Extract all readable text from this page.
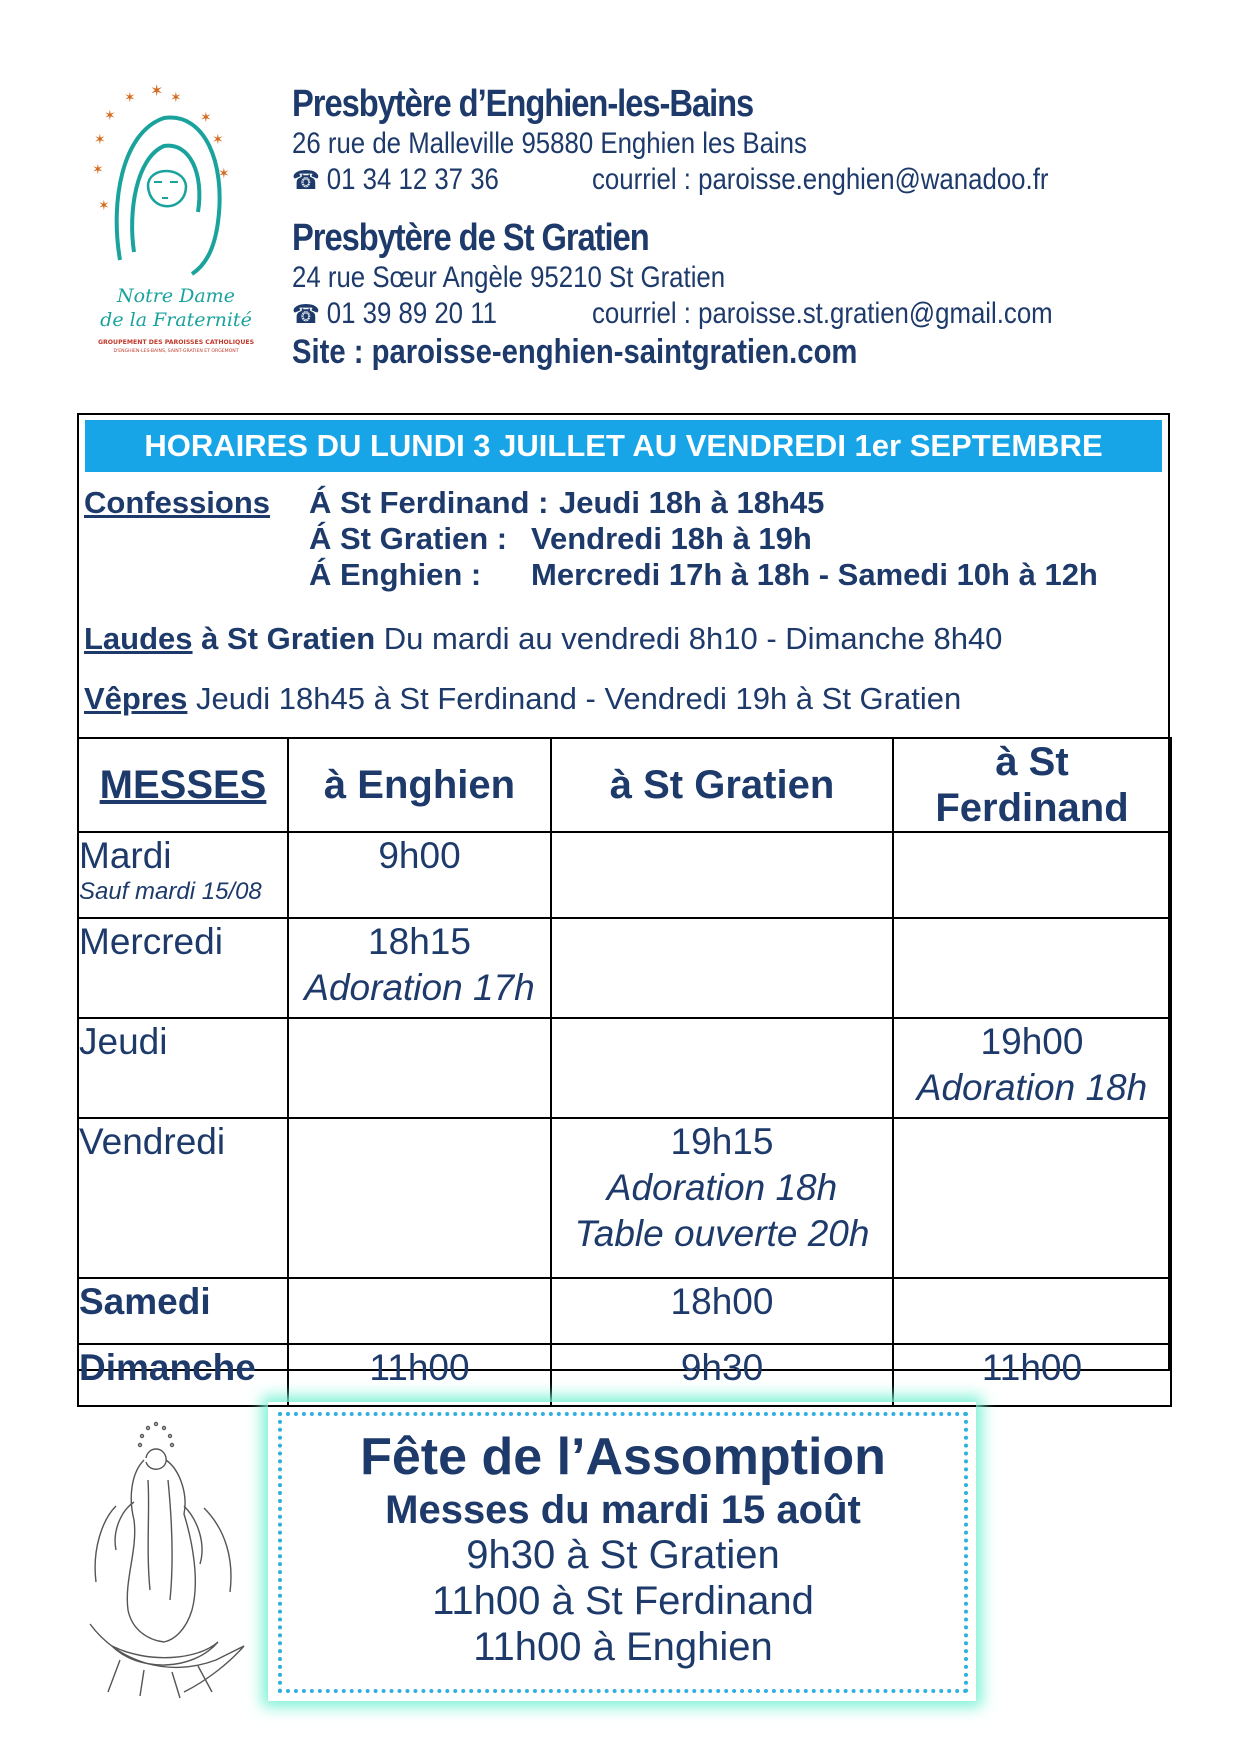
✶
✶ ✶
✶	✶
✶	✶
✶	✶
✶
Notre Dame
de la Fraternité
GROUPEMENT DES PAROISSES CATHOLIQUES
D'ENGHIEN-LES-BAINS, SAINT-GRATIEN ET ORGEMONT
Presbytère d’Enghien-les-Bains
26 rue de Malleville 95880 Enghien les Bains
☎ 01 34 12 37 36	courriel : paroisse.enghien@wanadoo.fr
Presbytère de St Gratien
24 rue Sœur Angèle 95210 St Gratien
☎ 01 39 89 20 11	courriel : paroisse.st.gratien@gmail.com
Site : paroisse-enghien-saintgratien.com
HORAIRES DU LUNDI 3 JUILLET AU VENDREDI 1er SEPTEMBRE
Confessions Á St Ferdinand : Jeudi 18h à 18h45
Á St Gratien : Vendredi 18h à 19h
Á Enghien : Mercredi 17h à 18h - Samedi 10h à 12h
Laudes à St Gratien Du mardi au vendredi 8h10 - Dimanche 8h40
Vêpres Jeudi 18h45 à St Ferdinand - Vendredi 19h à St Gratien
MESSES	à Enghien	à St Gratien	à St Ferdinand
Mardi
Sauf mardi 15/08	9h00		

Mercredi	18h15
Adoration 17h		

Jeudi			19h00
Adoration 18h

Vendredi		19h15
Adoration 18h
Table ouverte 20h	

Samedi		18h00	

Dimanche	11h00	9h30	11h00
Fête de l’Assomption
Messes du mardi 15 août
9h30 à St Gratien
11h00 à St Ferdinand
11h00 à Enghien
